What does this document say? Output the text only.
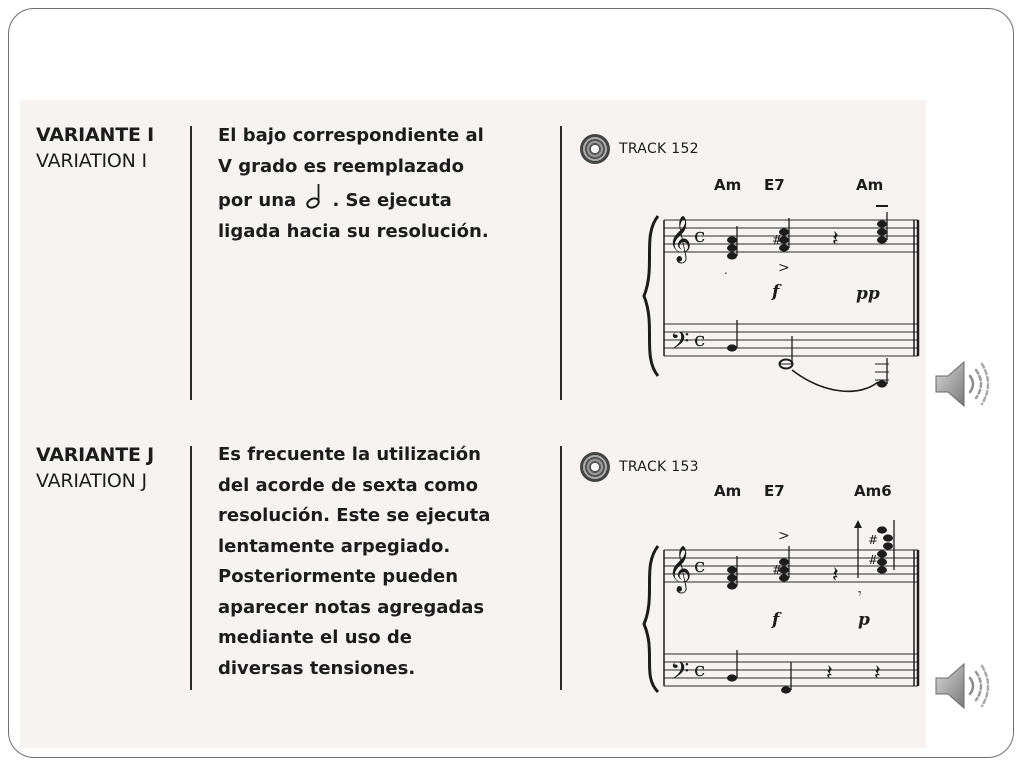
VARIANTE I
VARIATION I
El bajo correspondiente al
V grado es reemplazado
por una . Se ejecuta
ligada hacia su resolución.
TRACK 152
Am E7	Am
𝄞
𝄢
c
c
.
#
>
𝄽
f	pp
VARIANTE J
VARIATION J
Es frecuente la utilización
del acorde de sexta como
resolución. Este se ejecuta
lentamente arpegiado.
Posteriormente pueden
aparecer notas agregadas
mediante el uso de
diversas tensiones.
TRACK 153
Am E7	Am6
𝄞
𝄢
c
c
#
>
𝄽
𝄾
#
#
𝄽 𝄽
f	p
